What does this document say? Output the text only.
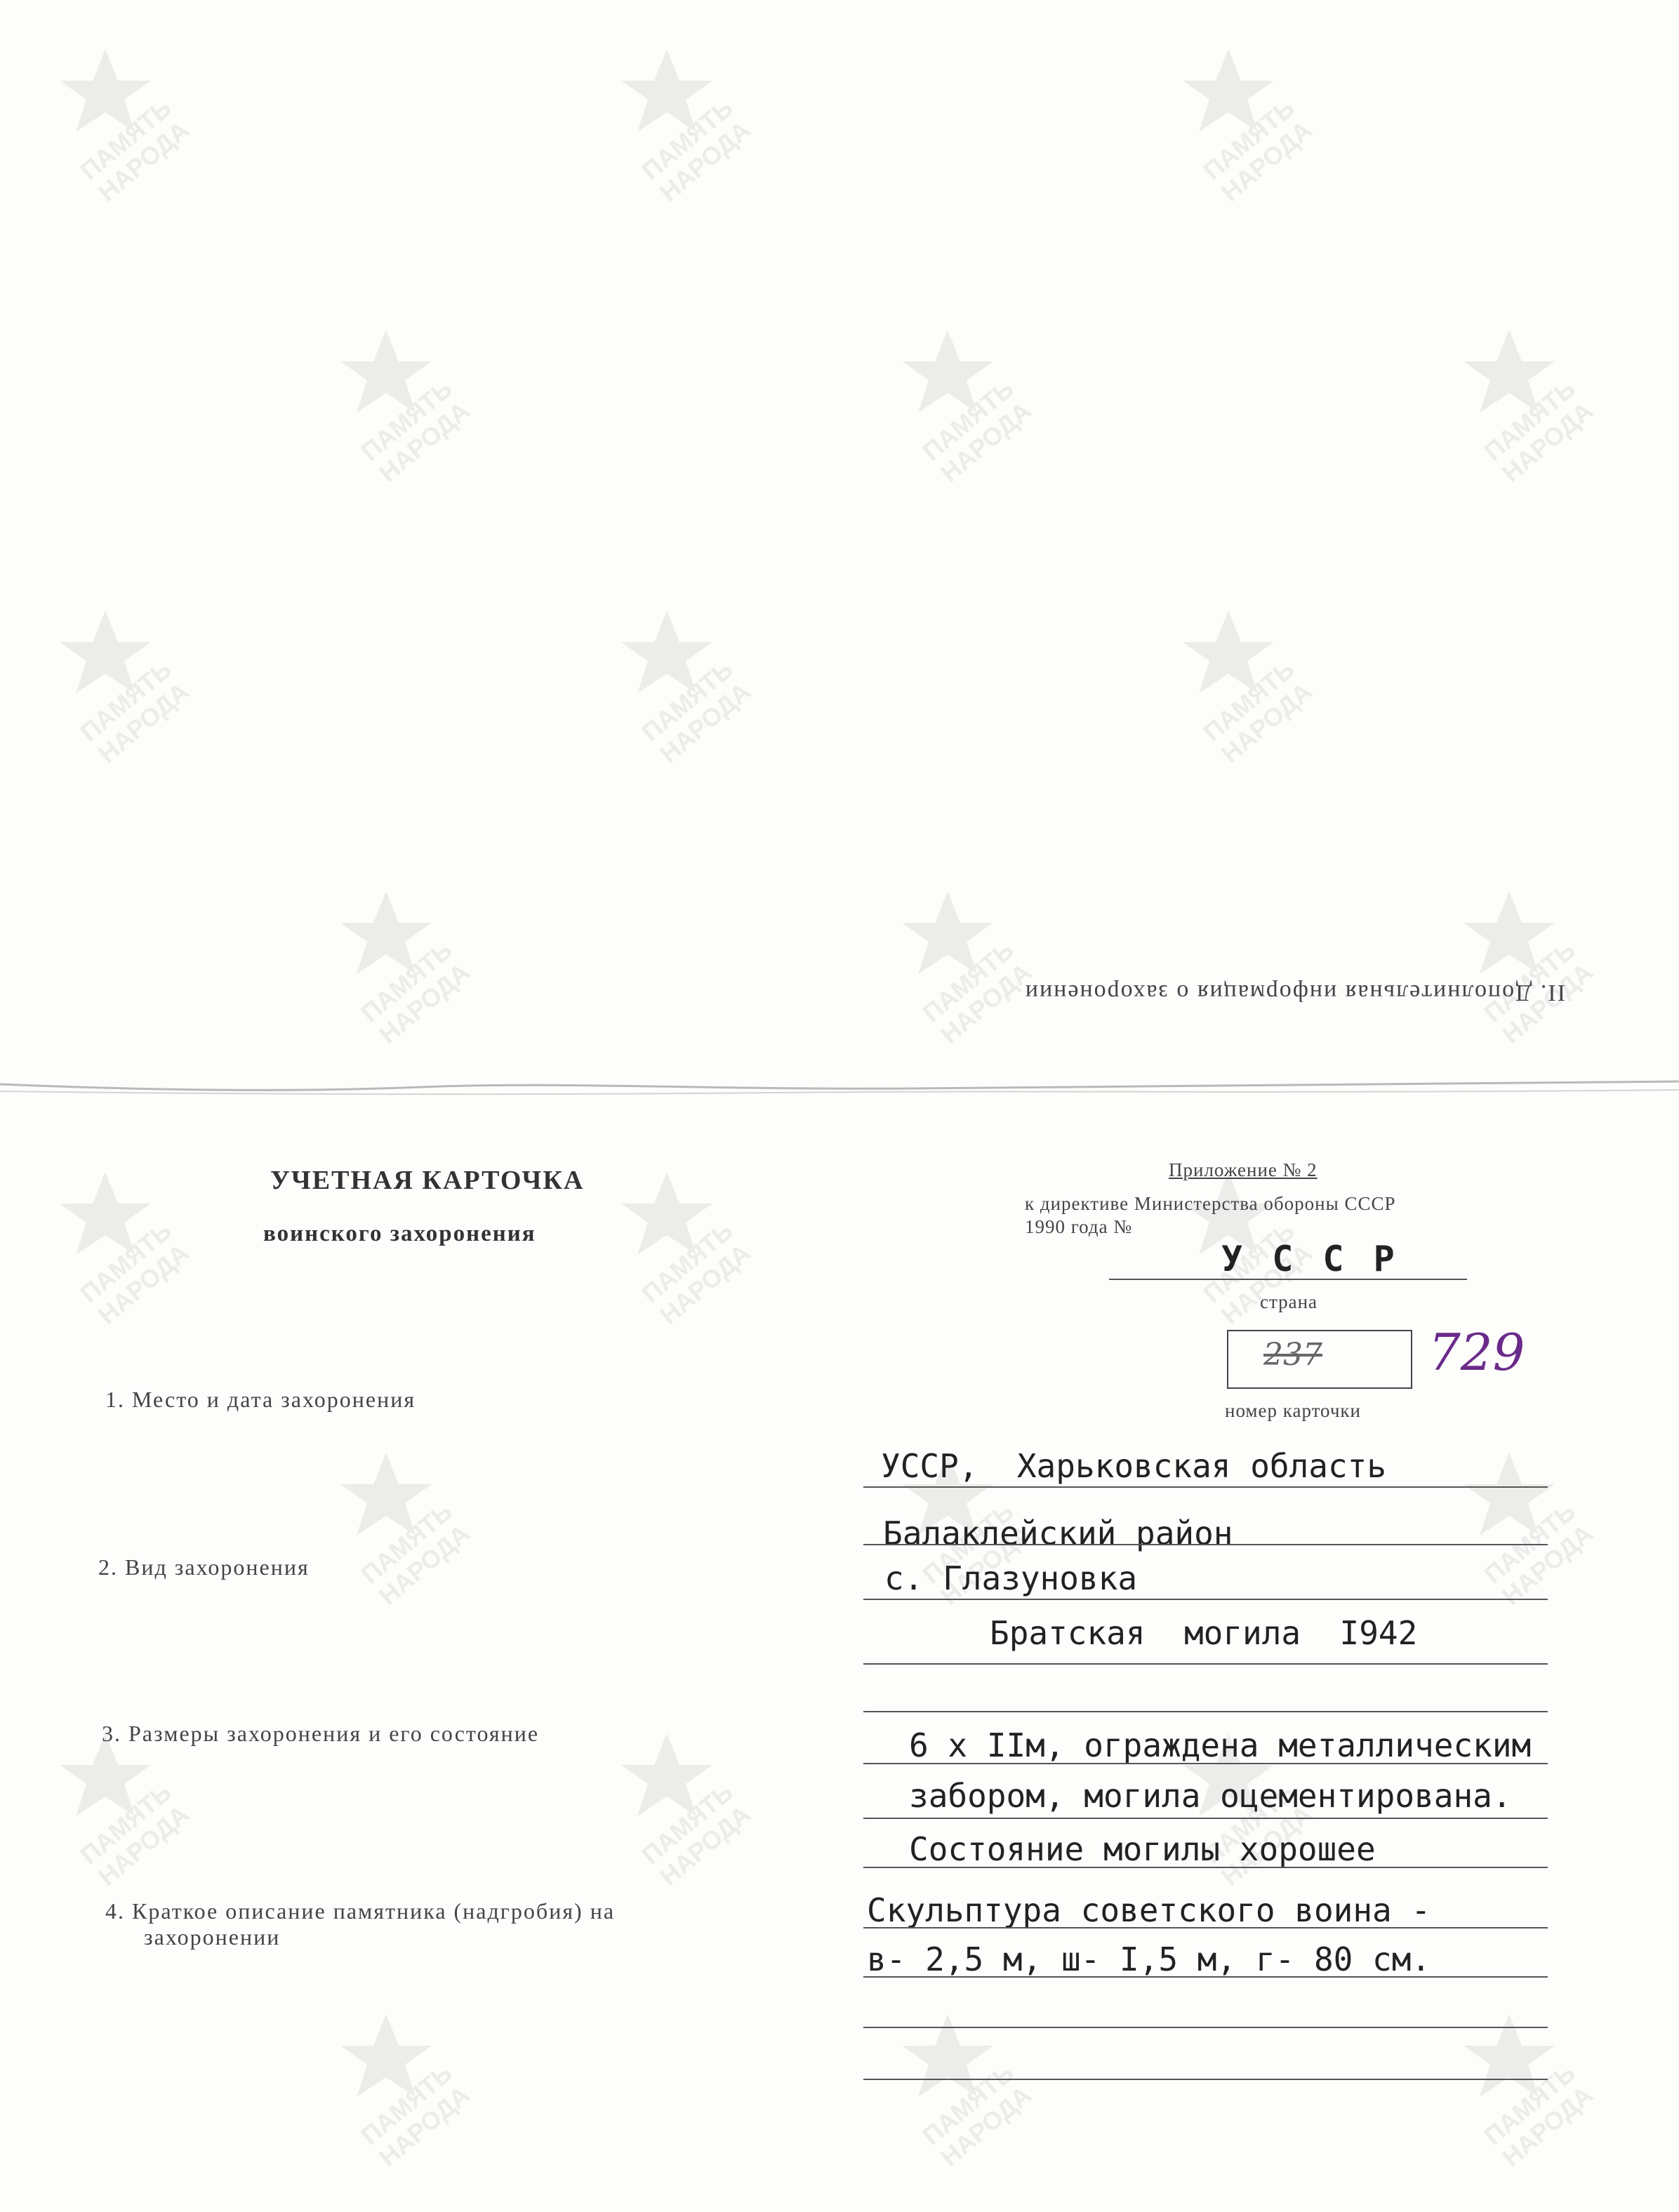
II. Дополнительная информация о захоронении
УЧЕТНАЯ КАРТОЧКА
воинского захоронения
Приложение № 2
к директиве Министерства обороны СССР
1990 года №
У С С Р
страна
237 729
номер карточки
1. Место и дата захоронения
2. Вид захоронения
3. Размеры захоронения и его состояние
4. Краткое описание памятника (надгробия) на
захоронении
УССР,  Харьковская область
Балаклейский район
с. Глазуновка
Братская  могила  I942
6 х IIм, ограждена металлическим
забором, могила оцементирована.
Состояние могилы хорошее
Скульптура советского воина -
в- 2,5 м, ш- I,5 м, г- 80 см.
